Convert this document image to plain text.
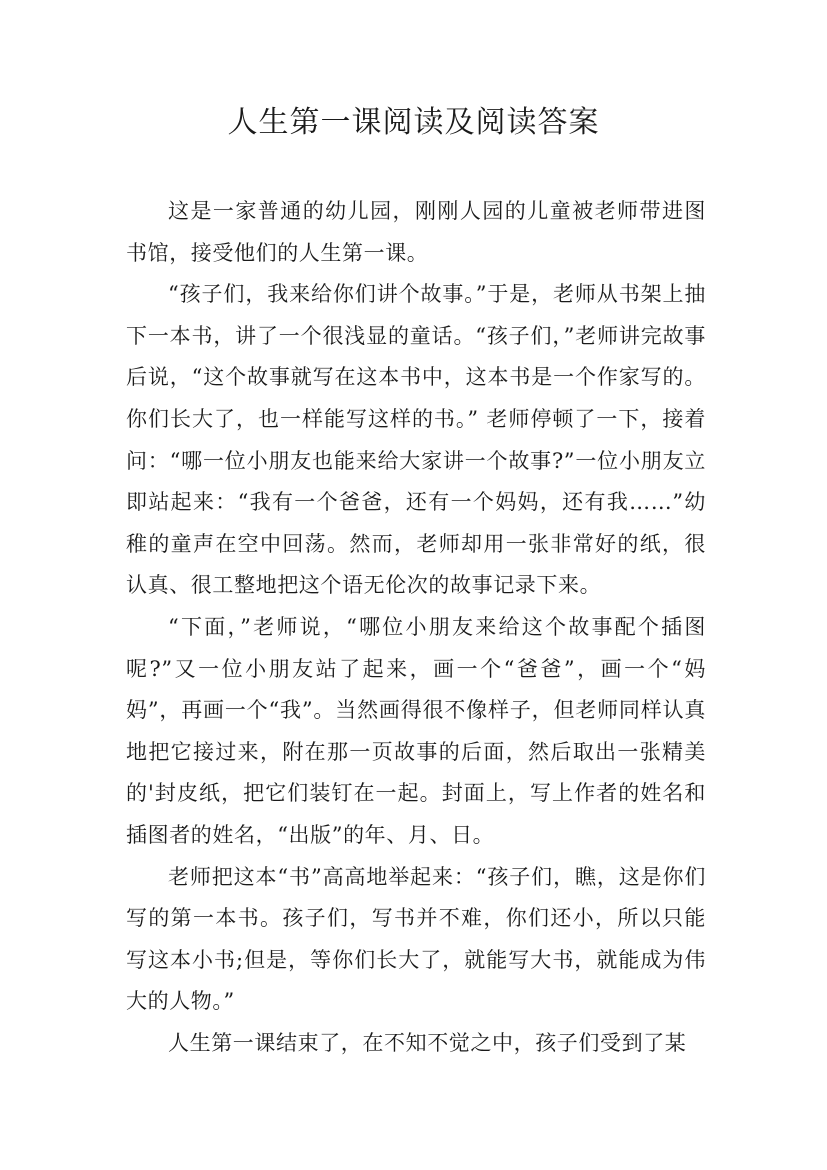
人生第一课阅读及阅读答案

这是一家普通的幼儿园，刚刚人园的儿童被老师带进图书馆，接受他们的人生第一课。

“孩子们，我来给你们讲个故事。”于是，老师从书架上抽下一本书，讲了一个很浅显的童话。“孩子们，”老师讲完故事后说，“这个故事就写在这本书中，这本书是一个作家写的。你们长大了，也一样能写这样的书。” 老师停顿了一下，接着问：“哪一位小朋友也能来给大家讲一个故事?”一位小朋友立即站起来：“我有一个爸爸，还有一个妈妈，还有我……”幼稚的童声在空中回荡。然而，老师却用一张非常好的纸，很认真、很工整地把这个语无伦次的故事记录下来。

“下面，”老师说，“哪位小朋友来给这个故事配个插图呢?”又一位小朋友站了起来，画一个“爸爸”，画一个“妈妈”，再画一个“我”。当然画得很不像样子，但老师同样认真地把它接过来，附在那一页故事的后面，然后取出一张精美的'封皮纸，把它们装钉在一起。封面上，写上作者的姓名和插图者的姓名，“出版”的年、月、日。

老师把这本“书”高高地举起来：“孩子们，瞧，这是你们写的第一本书。孩子们，写书并不难，你们还小，所以只能写这本小书;但是，等你们长大了，就能写大书，就能成为伟大的人物。”

人生第一课结束了，在不知不觉之中，孩子们受到了某
